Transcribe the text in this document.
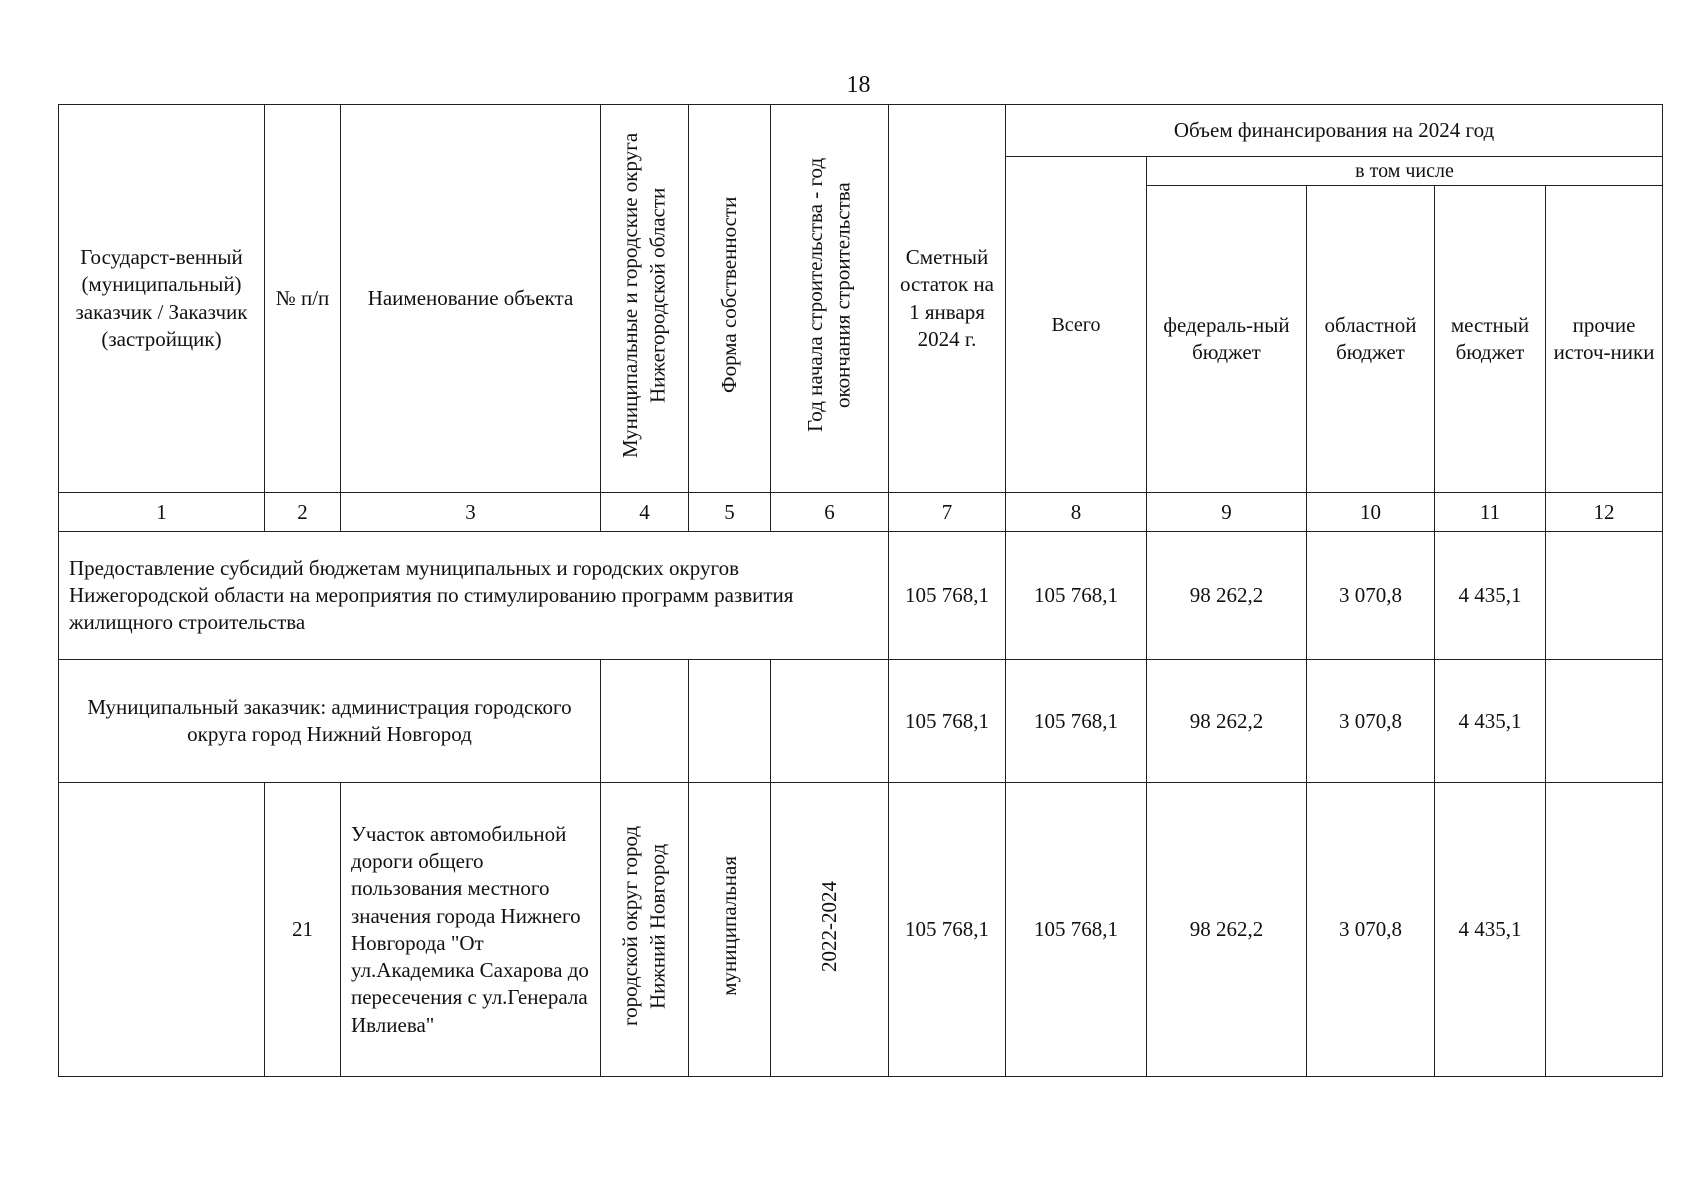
18
Государст-венный (муниципальный) заказчик / Заказчик (застройщик)	№ п/п	Наименование объекта	Муниципальные и городские округа Нижегородской области	Форма собственности	Год начала строительства - год окончания строительства	Сметный остаток на 1 января 2024 г.	Объем финансирования на 2024 год				
							Всего	в том числе			
								федераль-ный бюджет	областной бюджет	местный бюджет	прочие источ-ники
1	2	3	4	5	6	7	8	9	10	11	12
Предоставление субсидий бюджетам муниципальных и городских округов Нижегородской области на мероприятия по стимулированию программ развития жилищного строительства						105 768,1	105 768,1	98 262,2	3 070,8	4 435,1	
Муниципальный заказчик: администрация городского округа город Нижний Новгород						105 768,1	105 768,1	98 262,2	3 070,8	4 435,1	
	21	Участок автомобильной дороги общего пользования местного значения города Нижнего Новгорода "От ул.Академика Сахарова до пересечения с ул.Генерала Ивлиева"	городской округ город Нижний Новгород	муниципальная	2022-2024	105 768,1	105 768,1	98 262,2	3 070,8	4 435,1	
